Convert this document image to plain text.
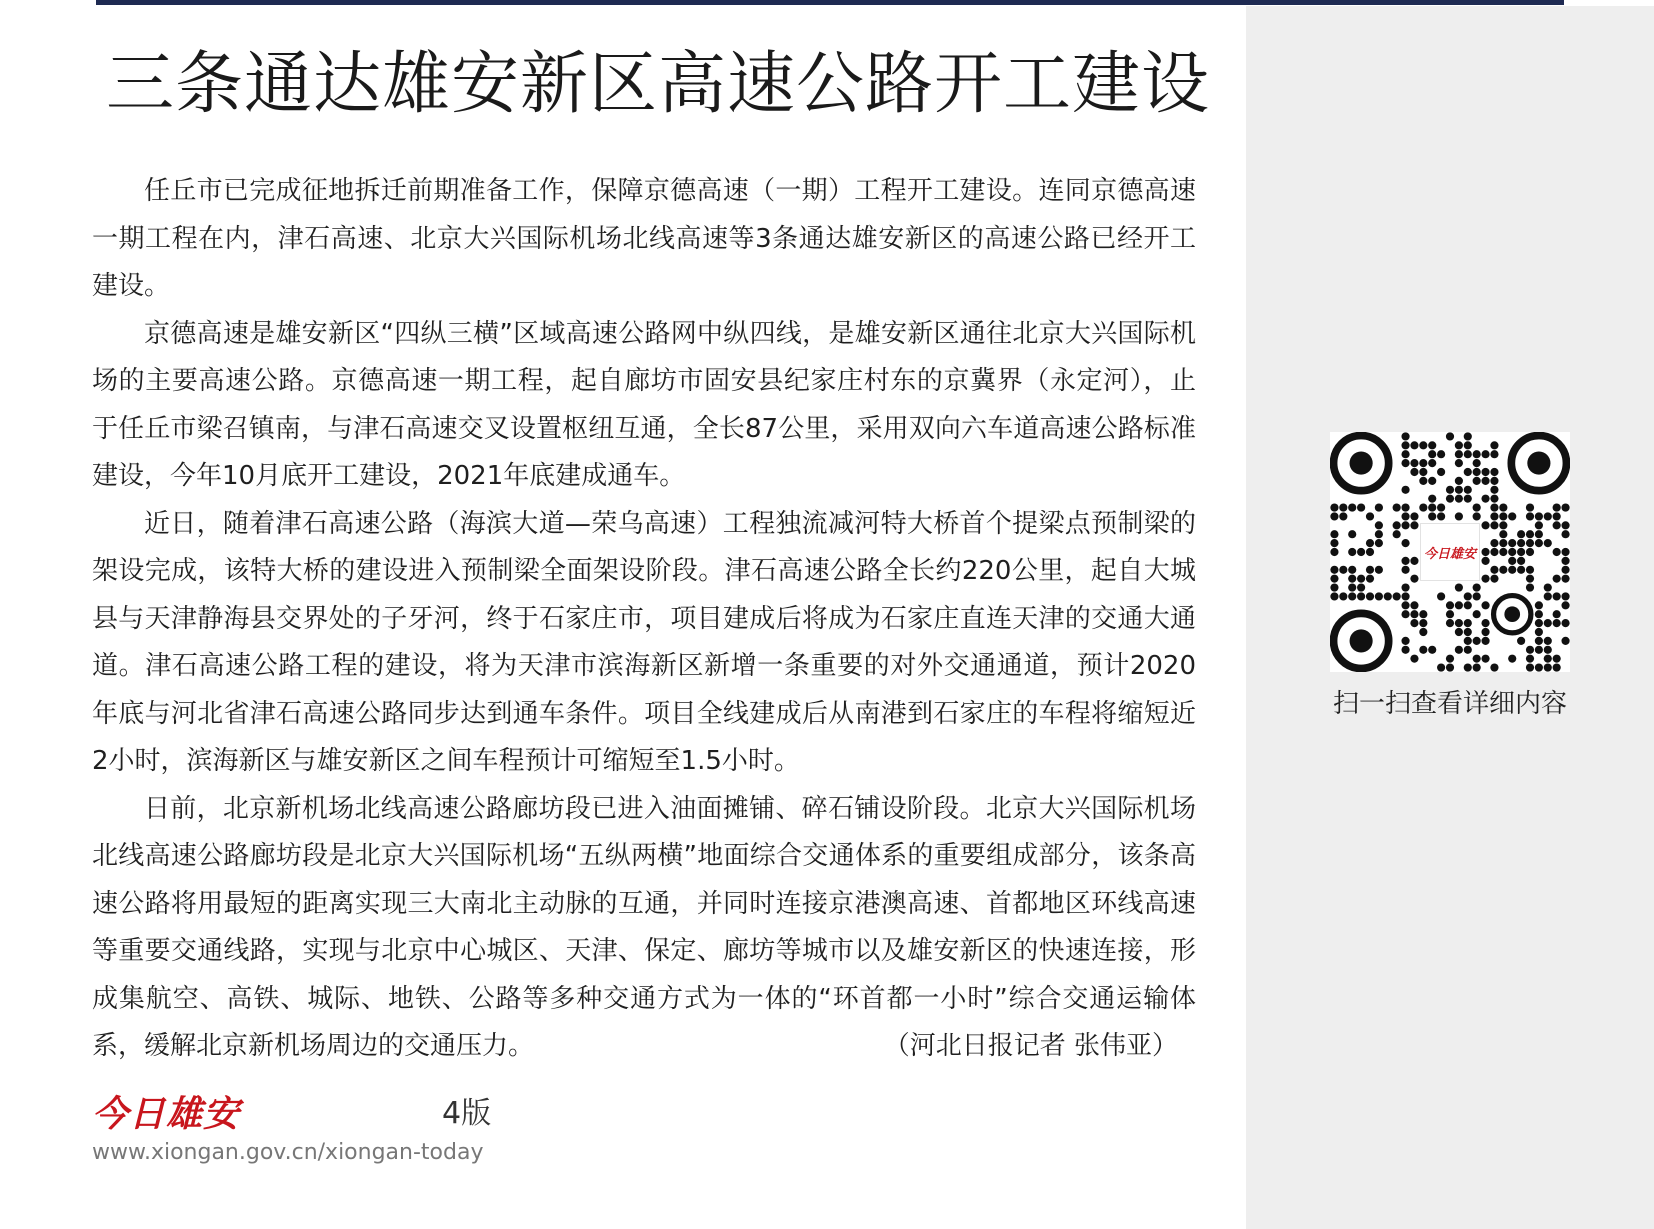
三条通达雄安新区高速公路开工建设

任丘市已完成征地拆迁前期准备工作，保障京德高速（一期）工程开工建设。连同京德高速一期工程在内，津石高速、北京大兴国际机场北线高速等3条通达雄安新区的高速公路已经开工建设。

京德高速是雄安新区“四纵三横”区域高速公路网中纵四线，是雄安新区通往北京大兴国际机场的主要高速公路。京德高速一期工程，起自廊坊市固安县纪家庄村东的京冀界（永定河），止于任丘市梁召镇南，与津石高速交叉设置枢纽互通，全长87公里，采用双向六车道高速公路标准建设，今年10月底开工建设，2021年底建成通车。

近日，随着津石高速公路（海滨大道—荣乌高速）工程独流减河特大桥首个提梁点预制梁的架设完成，该特大桥的建设进入预制梁全面架设阶段。津石高速公路全长约220公里，起自大城县与天津静海县交界处的子牙河，终于石家庄市，项目建成后将成为石家庄直连天津的交通大通道。津石高速公路工程的建设，将为天津市滨海新区新增一条重要的对外交通通道，预计2020年底与河北省津石高速公路同步达到通车条件。项目全线建成后从南港到石家庄的车程将缩短近2小时，滨海新区与雄安新区之间车程预计可缩短至1.5小时。

日前，北京新机场北线高速公路廊坊段已进入油面摊铺、碎石铺设阶段。北京大兴国际机场北线高速公路廊坊段是北京大兴国际机场“五纵两横”地面综合交通体系的重要组成部分，该条高速公路将用最短的距离实现三大南北主动脉的互通，并同时连接京港澳高速、首都地区环线高速等重要交通线路，实现与北京中心城区、天津、保定、廊坊等城市以及雄安新区的快速连接，形成集航空、高铁、城际、地铁、公路等多种交通方式为一体的“环首都一小时”综合交通运输体系，缓解北京新机场周边的交通压力。	（河北日报记者 张伟亚）

今日雄安	4版
www.xiongan.gov.cn/xiongan-today
今日雄安
扫一扫查看详细内容
